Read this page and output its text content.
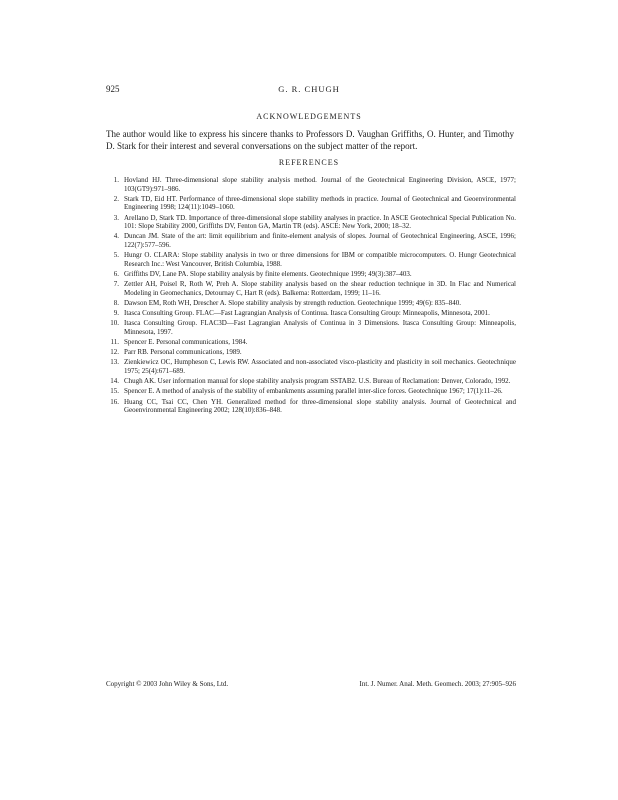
925	G. R. CHUGH
ACKNOWLEDGEMENTS
The author would like to express his sincere thanks to Professors D. Vaughan Griffiths, O. Hunter, and Timothy D. Stark for their interest and several conversations on the subject matter of the report.
REFERENCES
1. Hovland HJ. Three-dimensional slope stability analysis method. Journal of the Geotechnical Engineering Division, ASCE, 1977; 103(GT9):971–986.
2. Stark TD, Eid HT. Performance of three-dimensional slope stability methods in practice. Journal of Geotechnical and Geoenvironmental Engineering 1998; 124(11):1049–1060.
3. Arellano D, Stark TD. Importance of three-dimensional slope stability analyses in practice. In ASCE Geotechnical Special Publication No. 101: Slope Stability 2000, Griffiths DV, Fenton GA, Martin TR (eds). ASCE: New York, 2000; 18–32.
4. Duncan JM. State of the art: limit equilibrium and finite-element analysis of slopes. Journal of Geotechnical Engineering, ASCE, 1996; 122(7):577–596.
5. Hungr O. CLARA: Slope stability analysis in two or three dimensions for IBM or compatible microcomputers. O. Hungr Geotechnical Research Inc.: West Vancouver, British Columbia, 1988.
6. Griffiths DV, Lane PA. Slope stability analysis by finite elements. Geotechnique 1999; 49(3):387–403.
7. Zettler AH, Poisel R, Roth W, Preh A. Slope stability analysis based on the shear reduction technique in 3D. In Flac and Numerical Modeling in Geomechanics, Detournay C, Hart R (eds). Balkema: Rotterdam, 1999; 11–16.
8. Dawson EM, Roth WH, Drescher A. Slope stability analysis by strength reduction. Geotechnique 1999; 49(6): 835–840.
9. Itasca Consulting Group. FLAC—Fast Lagrangian Analysis of Continua. Itasca Consulting Group: Minneapolis, Minnesota, 2001.
10. Itasca Consulting Group. FLAC3D—Fast Lagrangian Analysis of Continua in 3 Dimensions. Itasca Consulting Group: Minneapolis, Minnesota, 1997.
11. Spencer E. Personal communications, 1984.
12. Parr RB. Personal communications, 1989.
13. Zienkiewicz OC, Humpheson C, Lewis RW. Associated and non-associated visco-plasticity and plasticity in soil mechanics. Geotechnique 1975; 25(4):671–689.
14. Chugh AK. User information manual for slope stability analysis program SSTAB2. U.S. Bureau of Reclamation: Denver, Colorado, 1992.
15. Spencer E. A method of analysis of the stability of embankments assuming parallel inter-slice forces. Geotechnique 1967; 17(1):11–26.
16. Huang CC, Tsai CC, Chen YH. Generalized method for three-dimensional slope stability analysis. Journal of Geotechnical and Geoenvironmental Engineering 2002; 128(10):836–848.
Copyright © 2003 John Wiley & Sons, Ltd.	Int. J. Numer. Anal. Meth. Geomech. 2003; 27:905–926
